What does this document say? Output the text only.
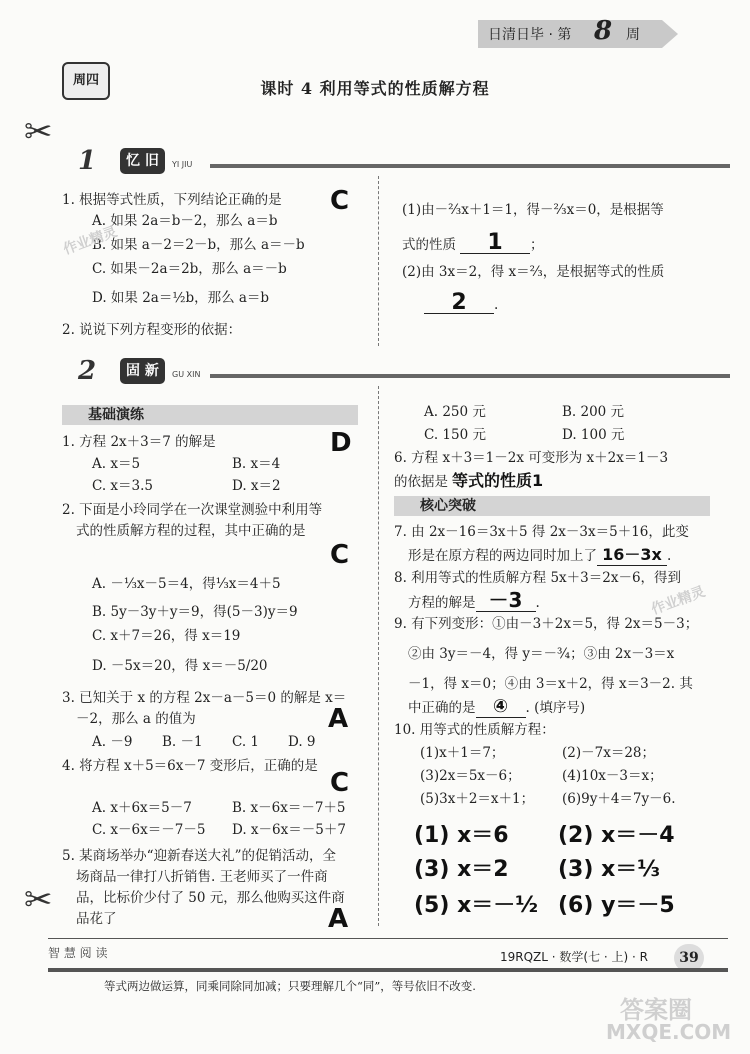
日清日毕 · 第 8 周
周四	课时 4 利用等式的性质解方程
✂
✂
1	忆 旧	YI JIU
1. 根据等式性质，下列结论正确的是 C
A. 如果 2a＝b－2，那么 a＝b
B. 如果 a－2＝2－b，那么 a＝－b
C. 如果－2a＝2b，那么 a＝－b
D. 如果 2a＝½b，那么 a＝b
2. 说说下列方程变形的依据：
(1)由－⅔x＋1＝1，得－⅔x＝0，是根据等
式的性质 1 ；
(2)由 3x＝2，得 x＝⅔，是根据等式的性质
2 .
2	固 新	GU XIN
基础演练
1. 方程 2x＋3＝7 的解是	D
A. x＝5	B. x＝4
C. x＝3.5	D. x＝2
2. 下面是小玲同学在一次课堂测验中利用等
式的性质解方程的过程，其中正确的是
C
A. －⅓x－5＝4，得⅓x＝4＋5
B. 5y－3y＋y＝9，得(5－3)y＝9
C. x＋7＝26，得 x＝19
D. －5x＝20，得 x＝－5/20
3. 已知关于 x 的方程 2x－a－5＝0 的解是 x＝
－2，那么 a 的值为	A
A. －9 B. －1 C. 1 D. 9
4. 将方程 x＋5＝6x－7 变形后，正确的是
C
A. x＋6x＝5－7	B. x－6x＝－7＋5
C. x－6x＝－7－5 D. x－6x＝－5＋7
5. 某商场举办“迎新春送大礼”的促销活动，全
场商品一律打八折销售. 王老师买了一件商
品，比标价少付了 50 元，那么他购买这件商
品花了	A
A. 250 元	B. 200 元
C. 150 元	D. 100 元
6. 方程 x＋3＝1－2x 可变形为 x＋2x＝1－3
的依据是 等式的性质1
核心突破
7. 由 2x－16＝3x＋5 得 2x－3x＝5＋16，此变
形是在原方程的两边同时加上了 16－3x .
8. 利用等式的性质解方程 5x＋3＝2x－6，得到
方程的解是 －3 .
9. 有下列变形：①由－3＋2x＝5，得 2x＝5－3；
②由 3y＝－4，得 y＝－¾；③由 2x－3＝x
－1，得 x＝0；④由 3＝x＋2，得 x＝3－2. 其
中正确的是 ④ . (填序号)
10. 用等式的性质解方程：
(1)x＋1＝7；	(2)－7x＝28；
(3)2x＝5x－6；	(4)10x－3＝x；
(5)3x＋2＝x＋1； (6)9y＋4＝7y－6.
(1) x＝6 (2) x＝－4
(3) x＝2 (3) x＝⅓
(5) x＝－½ (6) y＝－5
智 慧 阅 读	19RQZL · 数学(七 · 上) · R	39
等式两边做运算，同乘同除同加减；只要理解几个“同”，等号依旧不改变.
作业精灵
作业精灵
答案圈
MXQE.COM
